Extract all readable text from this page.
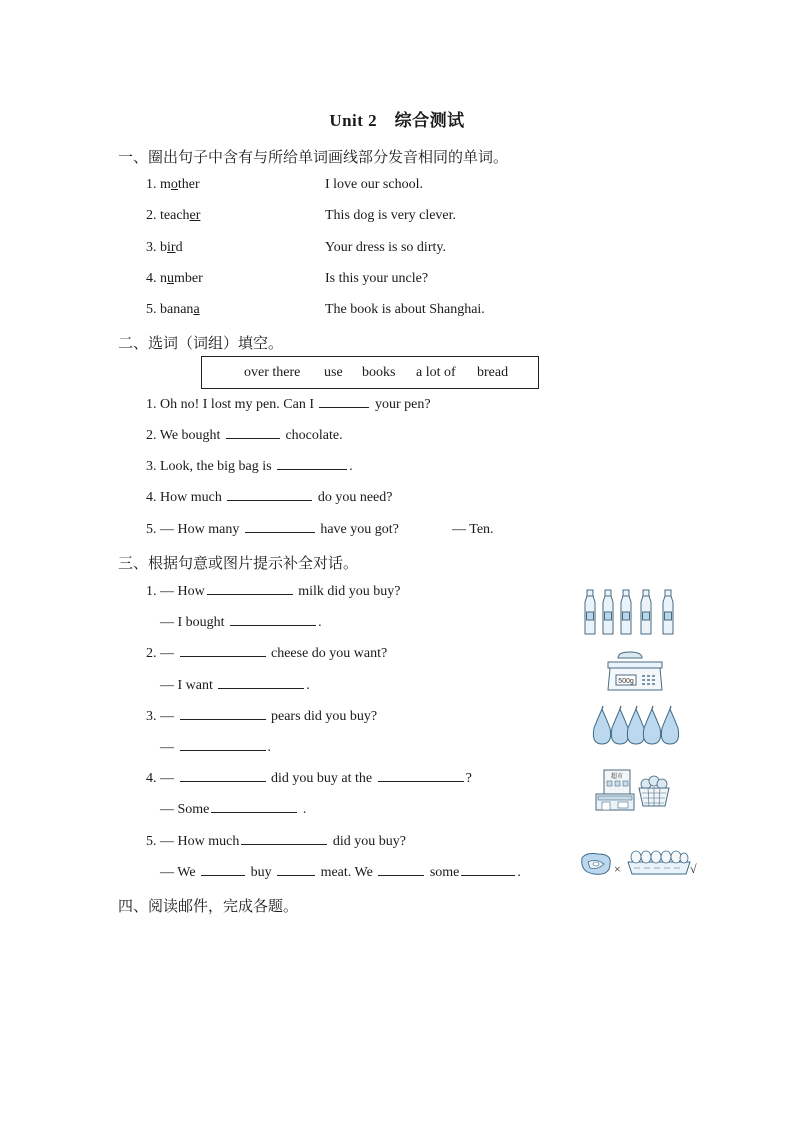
Unit 2　综合测试
一、圈出句子中含有与所给单词画线部分发音相同的单词。
1. mother	I love our school.
2. teacher	This dog is very clever.
3. bird	Your dress is so dirty.
4. number	Is this your uncle?
5. banana	The book is about Shanghai.
二、选词（词组）填空。
over there use books a lot of bread
1. Oh no! I lost my pen. Can I	your pen?
2. We bought	chocolate.
3. Look, the big bag is	.
4. How much	do you need?
5. — How many	have you got?	— Ten.
三、根据句意或图片提示补全对话。
1. — How	milk did you buy?
— I bought	.
2. —	cheese do you want?
— I want	.
3. —	pears did you buy?
—	.
4. —	did you buy at the	?
— Some	.
5. — How much	did you buy?
— We	buy	meat. We	some	.
500g
超市
×	√
四、阅读邮件，完成各题。
